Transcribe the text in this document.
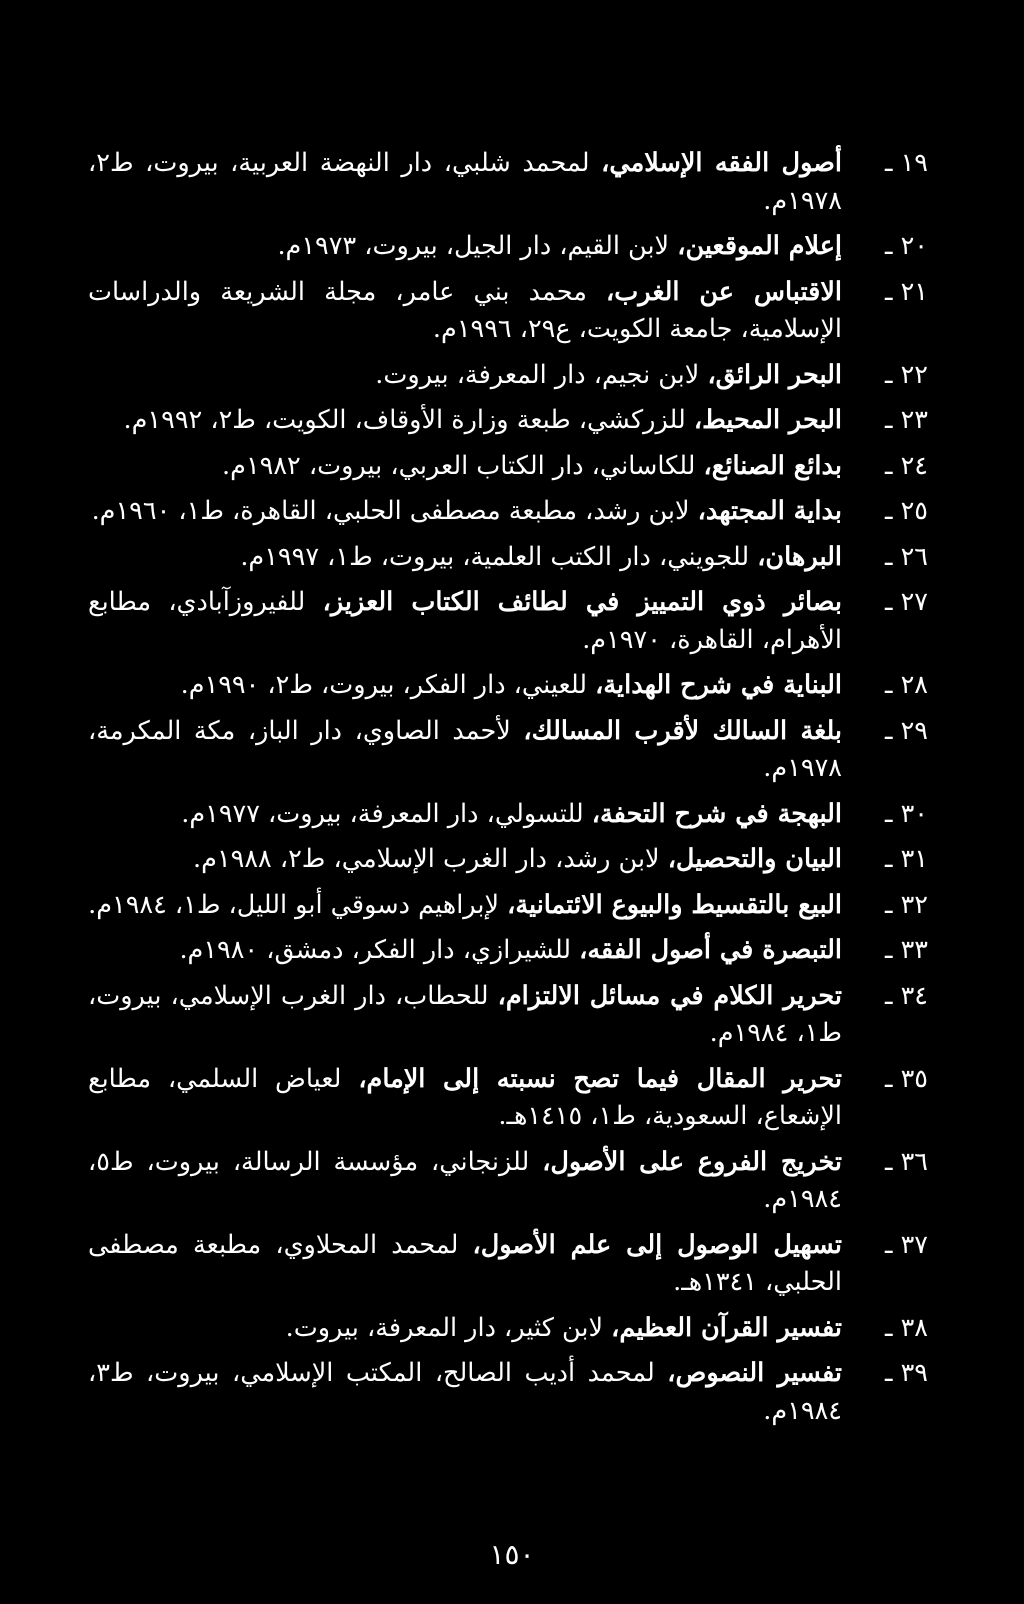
١٩ ـ
أصول الفقه الإسلامي، لمحمد شلبي، دار النهضة العربية، بيروت، ط٢، ١٩٧٨م.
٢٠ ـ
إعلام الموقعين، لابن القيم، دار الجيل، بيروت، ١٩٧٣م.
٢١ ـ
الاقتباس عن الغرب، محمد بني عامر، مجلة الشريعة والدراسات الإسلامية، جامعة الكويت، ع٢٩، ١٩٩٦م.
٢٢ ـ
البحر الرائق، لابن نجيم، دار المعرفة، بيروت.
٢٣ ـ
البحر المحيط، للزركشي، طبعة وزارة الأوقاف، الكويت، ط٢، ١٩٩٢م.
٢٤ ـ
بدائع الصنائع، للكاساني، دار الكتاب العربي، بيروت، ١٩٨٢م.
٢٥ ـ
بداية المجتهد، لابن رشد، مطبعة مصطفى الحلبي، القاهرة، ط١، ١٩٦٠م.
٢٦ ـ
البرهان، للجويني، دار الكتب العلمية، بيروت، ط١، ١٩٩٧م.
٢٧ ـ
بصائر ذوي التمييز في لطائف الكتاب العزيز، للفيروزآبادي، مطابع الأهرام، القاهرة، ١٩٧٠م.
٢٨ ـ
البناية في شرح الهداية، للعيني، دار الفكر، بيروت، ط٢، ١٩٩٠م.
٢٩ ـ
بلغة السالك لأقرب المسالك، لأحمد الصاوي، دار الباز، مكة المكرمة، ١٩٧٨م.
٣٠ ـ
البهجة في شرح التحفة، للتسولي، دار المعرفة، بيروت، ١٩٧٧م.
٣١ ـ
البيان والتحصيل، لابن رشد، دار الغرب الإسلامي، ط٢، ١٩٨٨م.
٣٢ ـ
البيع بالتقسيط والبيوع الائتمانية، لإبراهيم دسوقي أبو الليل، ط١، ١٩٨٤م.
٣٣ ـ
التبصرة في أصول الفقه، للشيرازي، دار الفكر، دمشق، ١٩٨٠م.
٣٤ ـ
تحرير الكلام في مسائل الالتزام، للحطاب، دار الغرب الإسلامي، بيروت، ط١، ١٩٨٤م.
٣٥ ـ
تحرير المقال فيما تصح نسبته إلى الإمام، لعياض السلمي، مطابع الإشعاع، السعودية، ط١، ١٤١٥هـ.
٣٦ ـ
تخريج الفروع على الأصول، للزنجاني، مؤسسة الرسالة، بيروت، ط٥، ١٩٨٤م.
٣٧ ـ
تسهيل الوصول إلى علم الأصول، لمحمد المحلاوي، مطبعة مصطفى الحلبي، ١٣٤١هـ.
٣٨ ـ
تفسير القرآن العظيم، لابن كثير، دار المعرفة، بيروت.
٣٩ ـ
تفسير النصوص، لمحمد أديب الصالح، المكتب الإسلامي، بيروت، ط٣، ١٩٨٤م.
١٥٠
